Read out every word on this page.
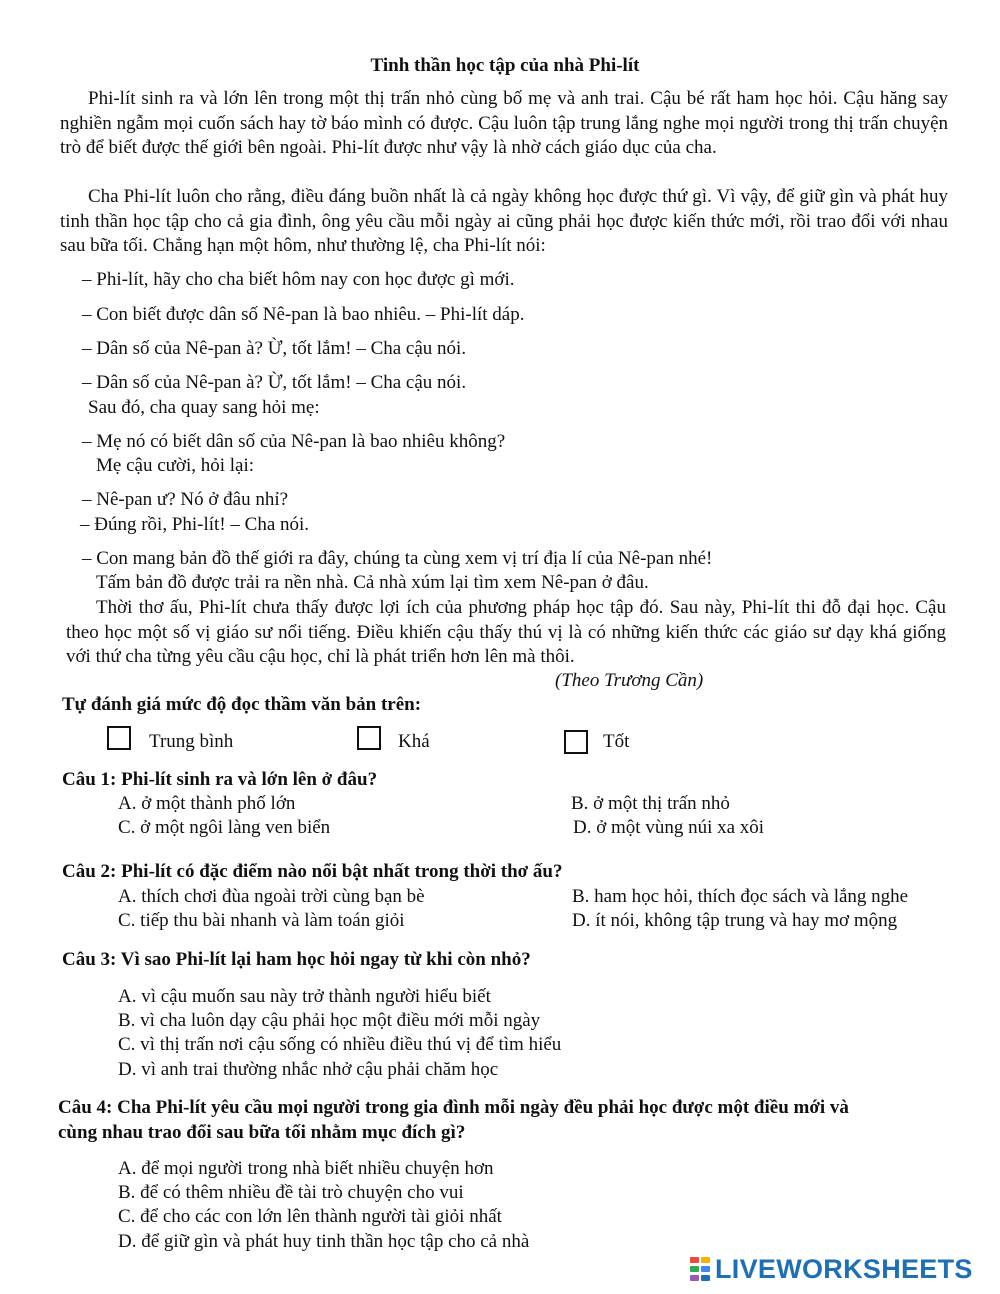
Tinh thần học tập của nhà Phi-lít
Phi-lít sinh ra và lớn lên trong một thị trấn nhỏ cùng bố mẹ và anh trai. Cậu bé rất ham học hỏi. Cậu hăng say nghiền ngẫm mọi cuốn sách hay tờ báo mình có được. Cậu luôn tập trung lắng nghe mọi người trong thị trấn chuyện trò để biết được thế giới bên ngoài. Phi-lít được như vậy là nhờ cách giáo dục của cha.
Cha Phi-lít luôn cho rằng, điều đáng buồn nhất là cả ngày không học được thứ gì. Vì vậy, để giữ gìn và phát huy tinh thần học tập cho cả gia đình, ông yêu cầu mỗi ngày ai cũng phải học được kiến thức mới, rồi trao đổi với nhau sau bữa tối. Chẳng hạn một hôm, như thường lệ, cha Phi-lít nói:
– Phi-lít, hãy cho cha biết hôm nay con học được gì mới.
– Con biết được dân số Nê-pan là bao nhiêu. – Phi-lít dáp.
– Dân số của Nê-pan à? Ừ, tốt lắm! – Cha cậu nói.
– Dân số của Nê-pan à? Ừ, tốt lắm! – Cha cậu nói.
Sau đó, cha quay sang hỏi mẹ:
– Mẹ nó có biết dân số của Nê-pan là bao nhiêu không?
Mẹ cậu cười, hỏi lại:
– Nê-pan ư? Nó ở đâu nhỉ?
– Đúng rồi, Phi-lít! – Cha nói.
– Con mang bản đồ thế giới ra đây, chúng ta cùng xem vị trí địa lí của Nê-pan nhé!
Tấm bản đồ được trải ra nền nhà. Cả nhà xúm lại tìm xem Nê-pan ở đâu.
Thời thơ ấu, Phi-lít chưa thấy được lợi ích của phương pháp học tập đó. Sau này, Phi-lít thi đỗ đại học. Cậu theo học một số vị giáo sư nổi tiếng. Điều khiến cậu thấy thú vị là có những kiến thức các giáo sư dạy khá giống với thứ cha từng yêu cầu cậu học, chỉ là phát triển hơn lên mà thôi.
(Theo Trương Cần)
Tự đánh giá mức độ đọc thầm văn bản trên:
Trung bình	Khá	Tốt
Câu 1: Phi-lít sinh ra và lớn lên ở đâu?
A. ở một thành phố lớn	B. ở một thị trấn nhỏ
C. ở một ngôi làng ven biển	D. ở một vùng núi xa xôi
Câu 2: Phi-lít có đặc điểm nào nổi bật nhất trong thời thơ ấu?
A. thích chơi đùa ngoài trời cùng bạn bè	B. ham học hỏi, thích đọc sách và lắng nghe
C. tiếp thu bài nhanh và làm toán giỏi	D. ít nói, không tập trung và hay mơ mộng
Câu 3: Vì sao Phi-lít lại ham học hỏi ngay từ khi còn nhỏ?
A. vì cậu muốn sau này trở thành người hiểu biết
B. vì cha luôn dạy cậu phải học một điều mới mỗi ngày
C. vì thị trấn nơi cậu sống có nhiều điều thú vị để tìm hiểu
D. vì anh trai thường nhắc nhở cậu phải chăm học
Câu 4: Cha Phi-lít yêu cầu mọi người trong gia đình mỗi ngày đều phải học được một điều mới và
cùng nhau trao đổi sau bữa tối nhằm mục đích gì?
A. để mọi người trong nhà biết nhiều chuyện hơn
B. để có thêm nhiều đề tài trò chuyện cho vui
C. để cho các con lớn lên thành người tài giỏi nhất
D. để giữ gìn và phát huy tinh thần học tập cho cả nhà
LIVEWORKSHEETS
